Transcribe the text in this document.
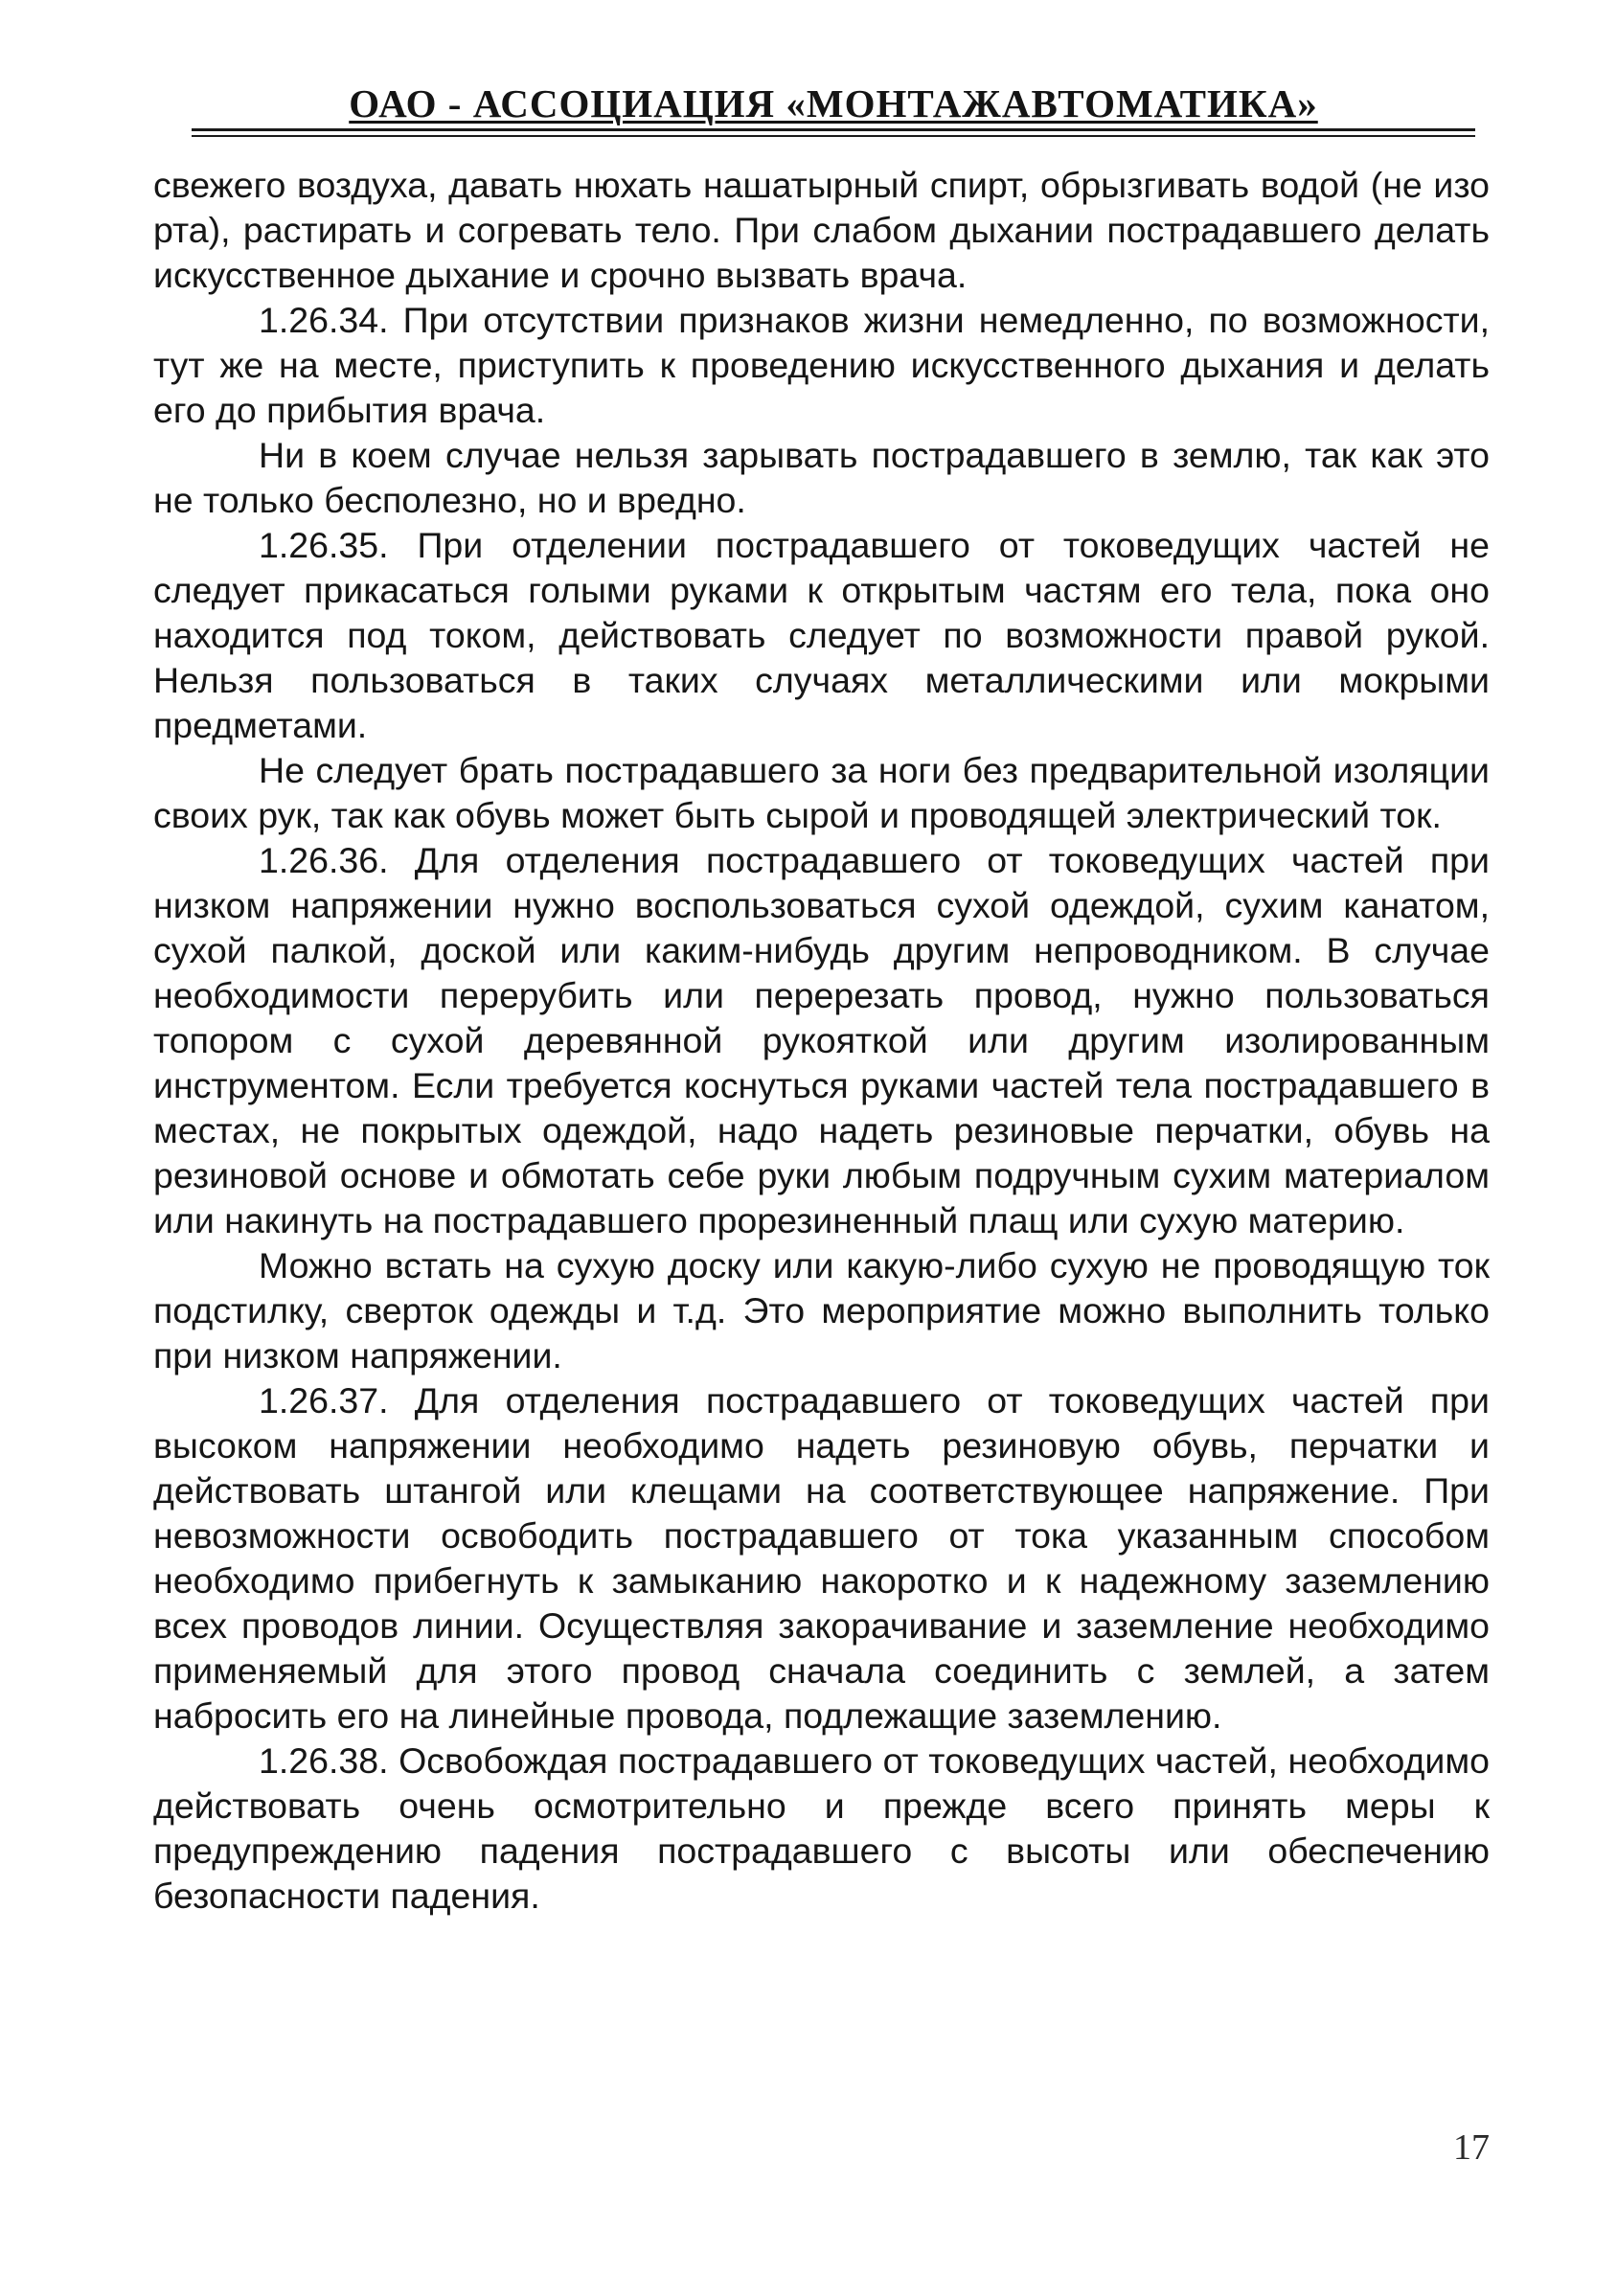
ОАО - АССОЦИАЦИЯ «МОНТАЖАВТОМАТИКА»

свежего воздуха, давать нюхать нашатырный спирт, обрызгивать водой (не изо рта), растирать и согревать тело. При слабом дыхании пострадавшего делать искусственное дыхание и срочно вызвать врача.

1.26.34. При отсутствии признаков жизни немедленно, по возможности, тут же на месте, приступить к проведению искусственного дыхания и делать его до прибытия врача.

Ни в коем случае нельзя зарывать пострадавшего в землю, так как это не только бесполезно, но и вредно.

1.26.35. При отделении пострадавшего от токоведущих частей не следует прикасаться голыми руками к открытым частям его тела, пока оно находится под током, действовать следует по возможности правой рукой. Нельзя пользоваться в таких случаях металлическими или мокрыми предметами.

Не следует брать пострадавшего за ноги без предварительной изоляции своих рук, так как обувь может быть сырой и проводящей электрический ток.

1.26.36. Для отделения пострадавшего от токоведущих частей при низком напряжении нужно воспользоваться сухой одеждой, сухим канатом, сухой палкой, доской или каким-нибудь другим непроводником. В случае необходимости перерубить или перерезать провод, нужно пользоваться топором с сухой деревянной рукояткой или другим изолированным инструментом. Если требуется коснуться руками частей тела пострадавшего в местах, не покрытых одеждой, надо надеть резиновые перчатки, обувь на резиновой основе и обмотать себе руки любым подручным сухим материалом или накинуть на пострадавшего прорезиненный плащ или сухую материю.

Можно встать на сухую доску или какую-либо сухую не проводящую ток подстилку, сверток одежды и т.д. Это мероприятие можно выполнить только при низком напряжении.

1.26.37. Для отделения пострадавшего от токоведущих частей при высоком напряжении необходимо надеть резиновую обувь, перчатки и действовать штангой или клещами на соответствующее напряжение. При невозможности освободить пострадавшего от тока указанным способом необходимо прибегнуть к замыканию накоротко и к надежному заземлению всех проводов линии. Осуществляя закорачивание и заземление необходимо применяемый для этого провод сначала соединить с землей, а затем набросить его на линейные провода, подлежащие заземлению.

1.26.38. Освобождая пострадавшего от токоведущих частей, необходимо действовать очень осмотрительно и прежде всего принять меры к предупреждению падения пострадавшего с высоты или обеспечению безопасности падения.

17
